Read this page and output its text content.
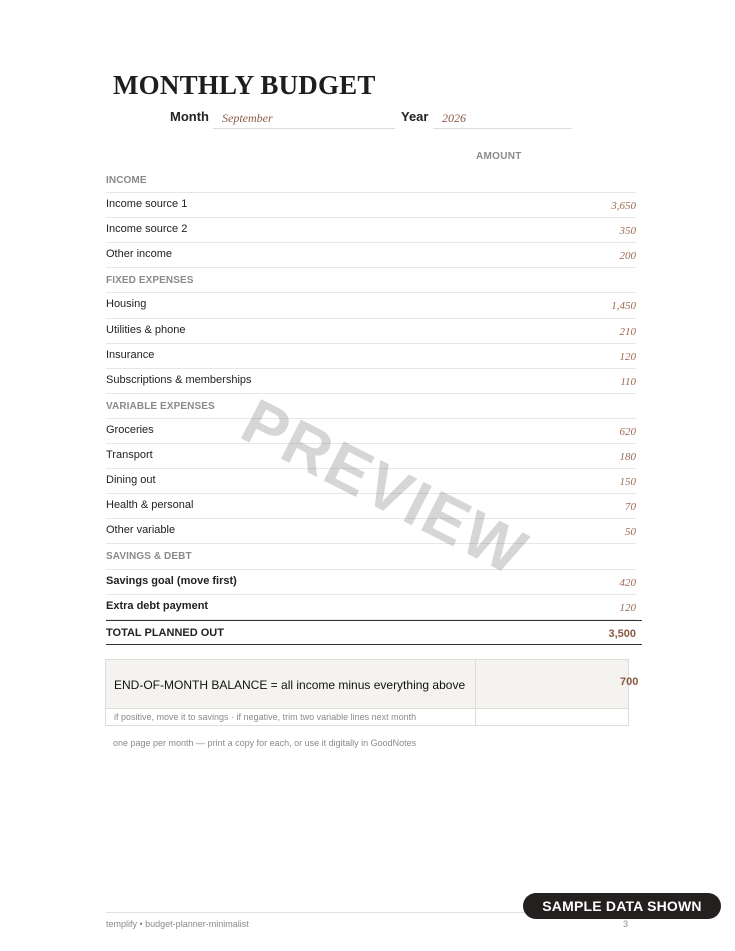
MONTHLY BUDGET
Month	September	Year	2026
AMOUNT
INCOME
Income source 1	3,650
Income source 2	350
Other income	200
FIXED EXPENSES
Housing	1,450
Utilities & phone	210
Insurance	120
Subscriptions & memberships	110
VARIABLE EXPENSES
Groceries	620
Transport	180
Dining out	150
Health & personal	70
Other variable	50
SAVINGS & DEBT
Savings goal (move first)	420
Extra debt payment	120
TOTAL PLANNED OUT	3,500
END-OF-MONTH BALANCE = all income minus everything above	700
if positive, move it to savings · if negative, trim two variable lines next month
one page per month — print a copy for each, or use it digitally in GoodNotes
PREVIEW
templify • budget-planner-minimalist	3
SAMPLE DATA SHOWN
